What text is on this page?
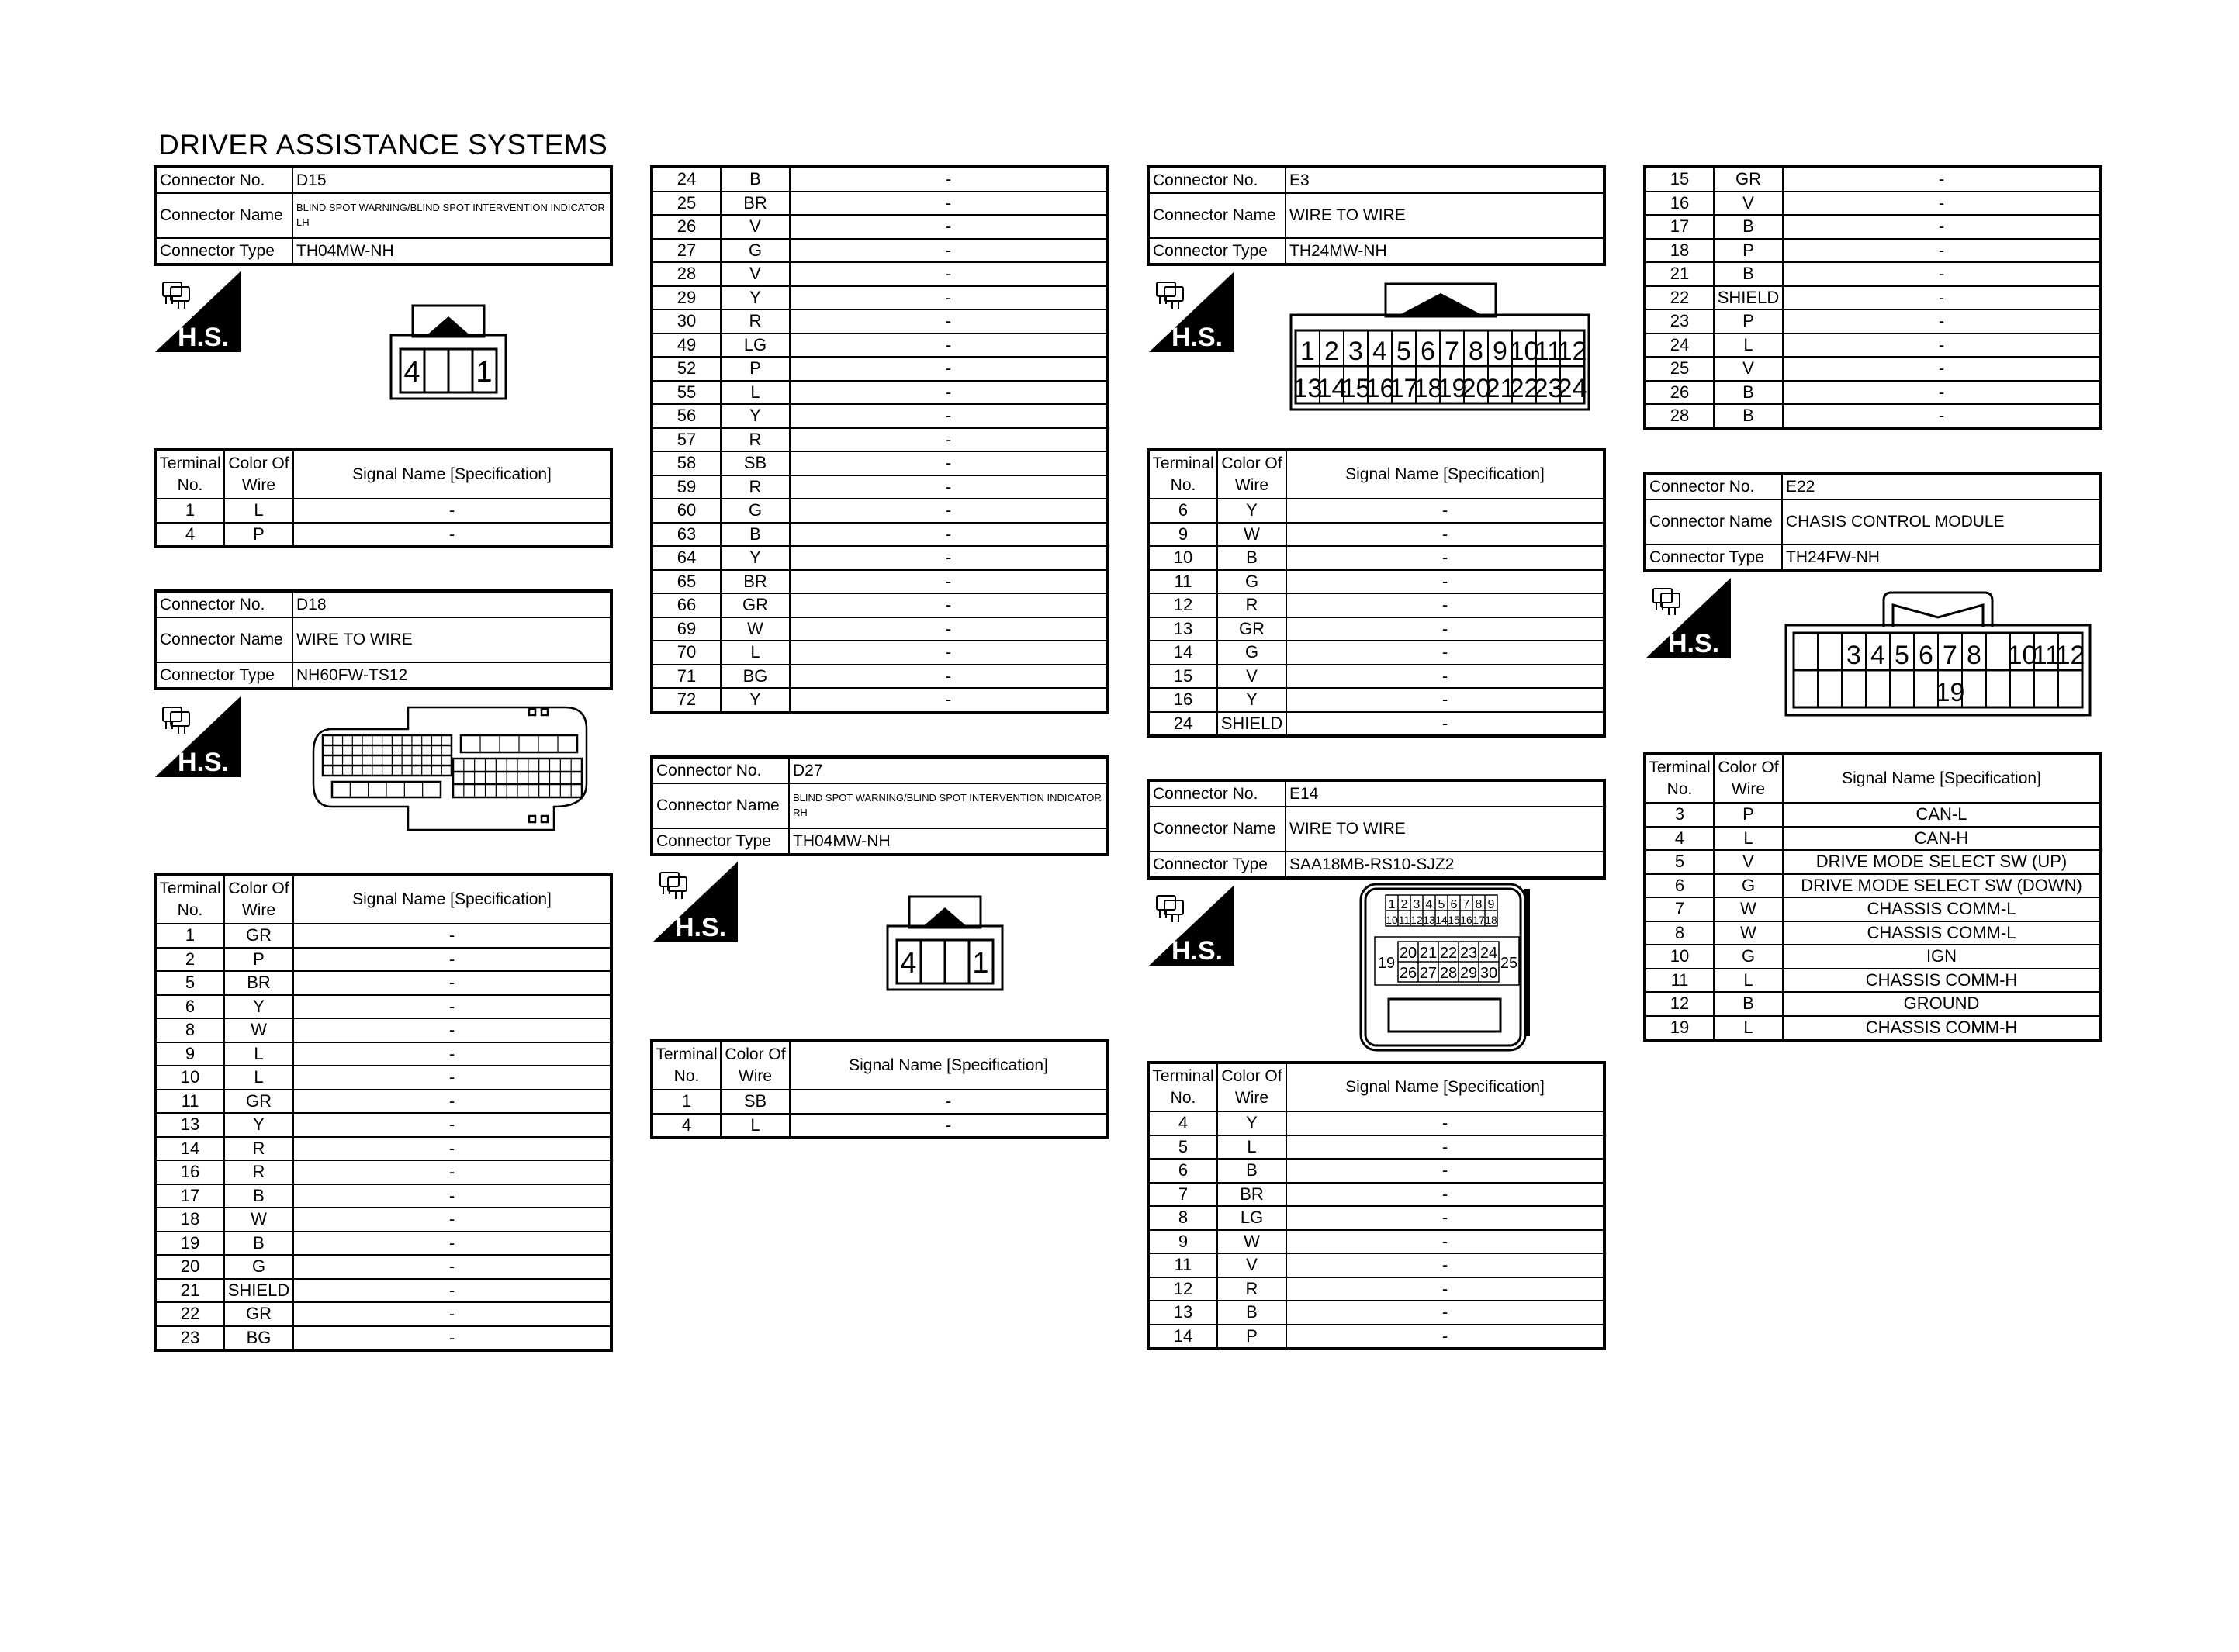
DRIVER ASSISTANCE SYSTEMS
Connector No.	D15
Connector Name	BLIND SPOT WARNING/BLIND SPOT INTERVENTION INDICATOR LH
Connector Type	TH04MW-NH
H.S.
4 1
Terminal No.	Color Of Wire	Signal Name [Specification]
1	L	-
4	P	-
Connector No.	D18
Connector Name	WIRE TO WIRE
Connector Type	NH60FW-TS12
H.S.
Terminal No.	Color Of Wire	Signal Name [Specification]
1	GR	-
2	P	-
5	BR	-
6	Y	-
8	W	-
9	L	-
10	L	-
11	GR	-
13	Y	-
14	R	-
16	R	-
17	B	-
18	W	-
19	B	-
20	G	-
21	SHIELD	-
22	GR	-
23	BG	-
24	B	-
25	BR	-
26	V	-
27	G	-
28	V	-
29	Y	-
30	R	-
49	LG	-
52	P	-
55	L	-
56	Y	-
57	R	-
58	SB	-
59	R	-
60	G	-
63	B	-
64	Y	-
65	BR	-
66	GR	-
69	W	-
70	L	-
71	BG	-
72	Y	-
Connector No.	D27
Connector Name	BLIND SPOT WARNING/BLIND SPOT INTERVENTION INDICATOR RH
Connector Type	TH04MW-NH
H.S.
4 1
Terminal No.	Color Of Wire	Signal Name [Specification]
1	SB	-
4	L	-
Connector No.	E3
Connector Name	WIRE TO WIRE
Connector Type	TH24MW-NH
H.S.	1 2 3 4 5 6 7 8 9 10
11
12
13
14
15
16
17
18
19
20
21
22
23
24
Terminal No.	Color Of Wire	Signal Name [Specification]
6	Y	-
9	W	-
10	B	-
11	G	-
12	R	-
13	GR	-
14	G	-
15	V	-
16	Y	-
24	SHIELD	-
Connector No.	E14
Connector Name	WIRE TO WIRE
Connector Type	SAA18MB-RS10-SJZ2
H.S.
1 2 3 4 5 6 7 8 9
10 11 12 13 14 15 16 17 18
20 21 22 23 24
26 27 28 29 30
19	25
Terminal No.	Color Of Wire	Signal Name [Specification]
4	Y	-
5	L	-
6	B	-
7	BR	-
8	LG	-
9	W	-
11	V	-
12	R	-
13	B	-
14	P	-
15	GR	-
16	V	-
17	B	-
18	P	-
21	B	-
22	SHIELD	-
23	P	-
24	L	-
25	V	-
26	B	-
28	B	-
Connector No.	E22
Connector Name	CHASIS CONTROL MODULE
Connector Type	TH24FW-NH
H.S.	3 4 5 6 7 8 10
11
12
19
Terminal No.	Color Of Wire	Signal Name [Specification]
3	P	CAN-L
4	L	CAN-H
5	V	DRIVE MODE SELECT SW (UP)
6	G	DRIVE MODE SELECT SW (DOWN)
7	W	CHASSIS COMM-L
8	W	CHASSIS COMM-L
10	G	IGN
11	L	CHASSIS COMM-H
12	B	GROUND
19	L	CHASSIS COMM-H
